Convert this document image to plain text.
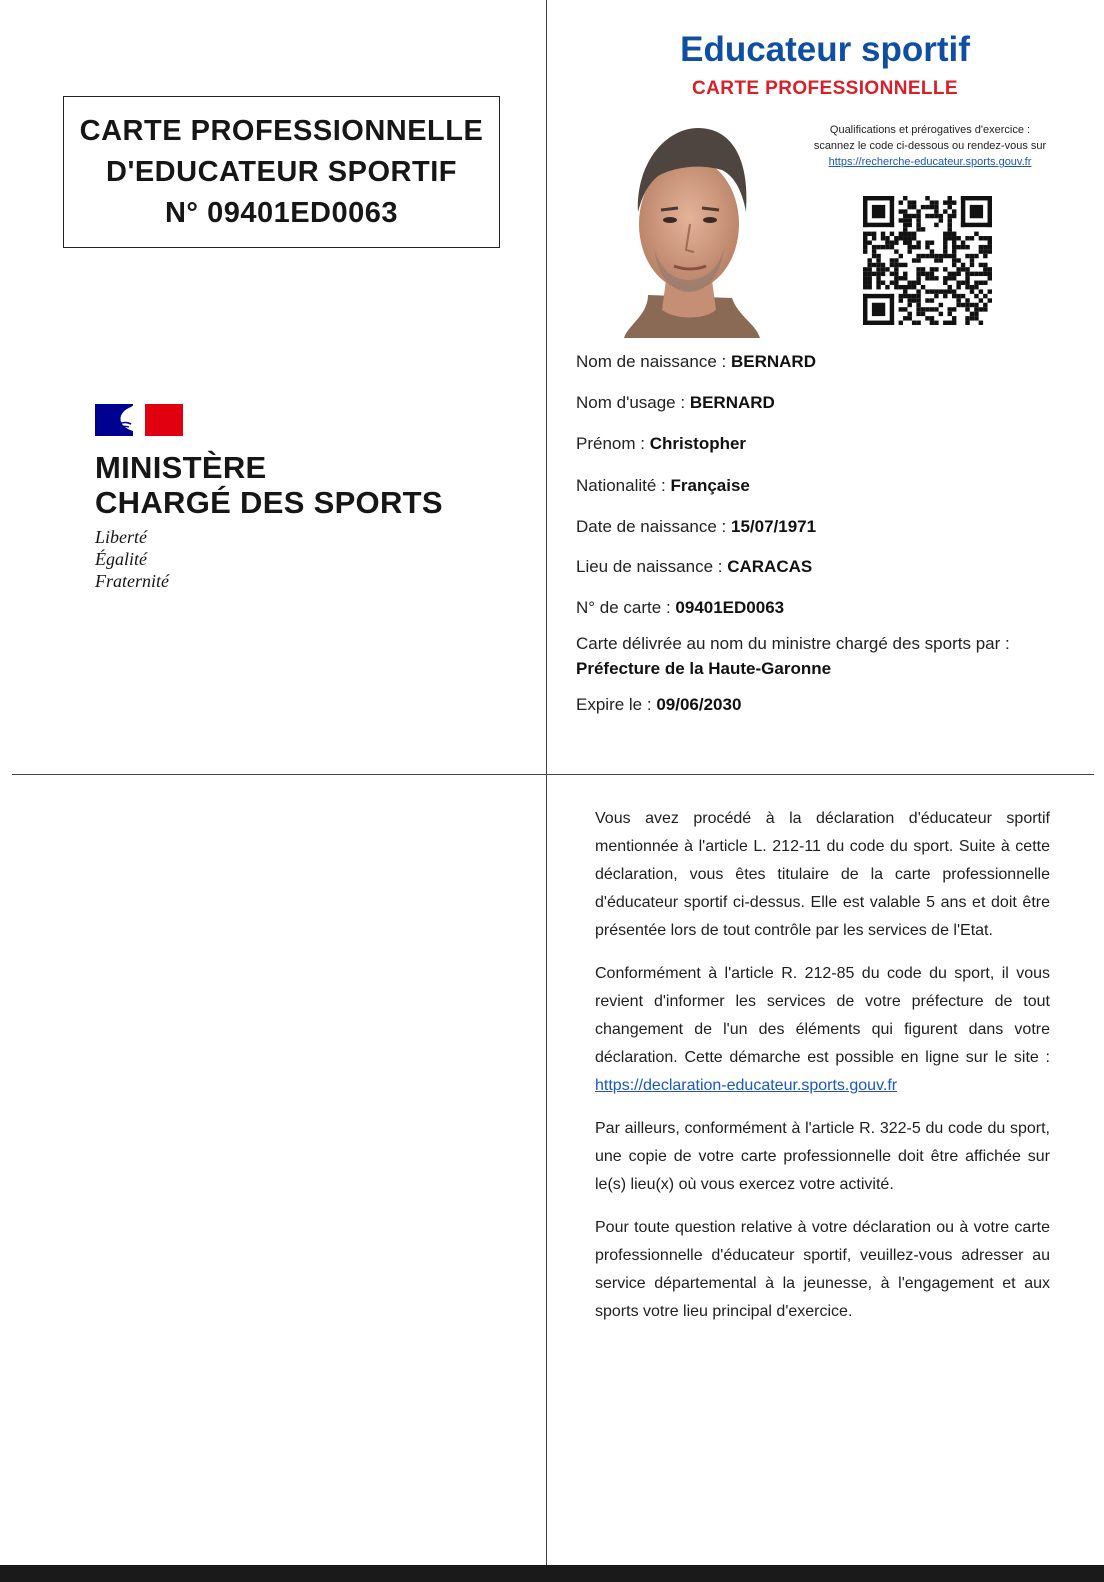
CARTE PROFESSIONNELLE
D'EDUCATEUR SPORTIF
N° 09401ED0063
MINISTÈRE
CHARGÉ DES SPORTS
Liberté
Égalité
Fraternité
Educateur sportif
CARTE PROFESSIONNELLE
Qualifications et prérogatives d'exercice :
scannez le code ci-dessous ou rendez-vous sur
https://recherche-educateur.sports.gouv.fr
Nom de naissance : BERNARD
Nom d'usage : BERNARD
Prénom : Christopher
Nationalité : Française
Date de naissance : 15/07/1971
Lieu de naissance : CARACAS
N° de carte : 09401ED0063
Carte délivrée au nom du ministre chargé des sports par :
Préfecture de la Haute-Garonne
Expire le : 09/06/2030

Vous avez procédé à la déclaration d'éducateur sportif mentionnée à l'article L. 212-11 du code du sport. Suite à cette déclaration, vous êtes titulaire de la carte professionnelle d'éducateur sportif ci-dessus. Elle est valable 5 ans et doit être présentée lors de tout contrôle par les services de l'Etat.

Conformément à l'article R. 212-85 du code du sport, il vous revient d'informer les services de votre préfecture de tout changement de l'un des éléments qui figurent dans votre déclaration. Cette démarche est possible en ligne sur le site : https://declaration-educateur.sports.gouv.fr

Par ailleurs, conformément à l'article R. 322-5 du code du sport, une copie de votre carte professionnelle doit être affichée sur le(s) lieu(x) où vous exercez votre activité.

Pour toute question relative à votre déclaration ou à votre carte professionnelle d'éducateur sportif, veuillez-vous adresser au service départemental à la jeunesse, à l'engagement et aux sports votre lieu principal d'exercice.
